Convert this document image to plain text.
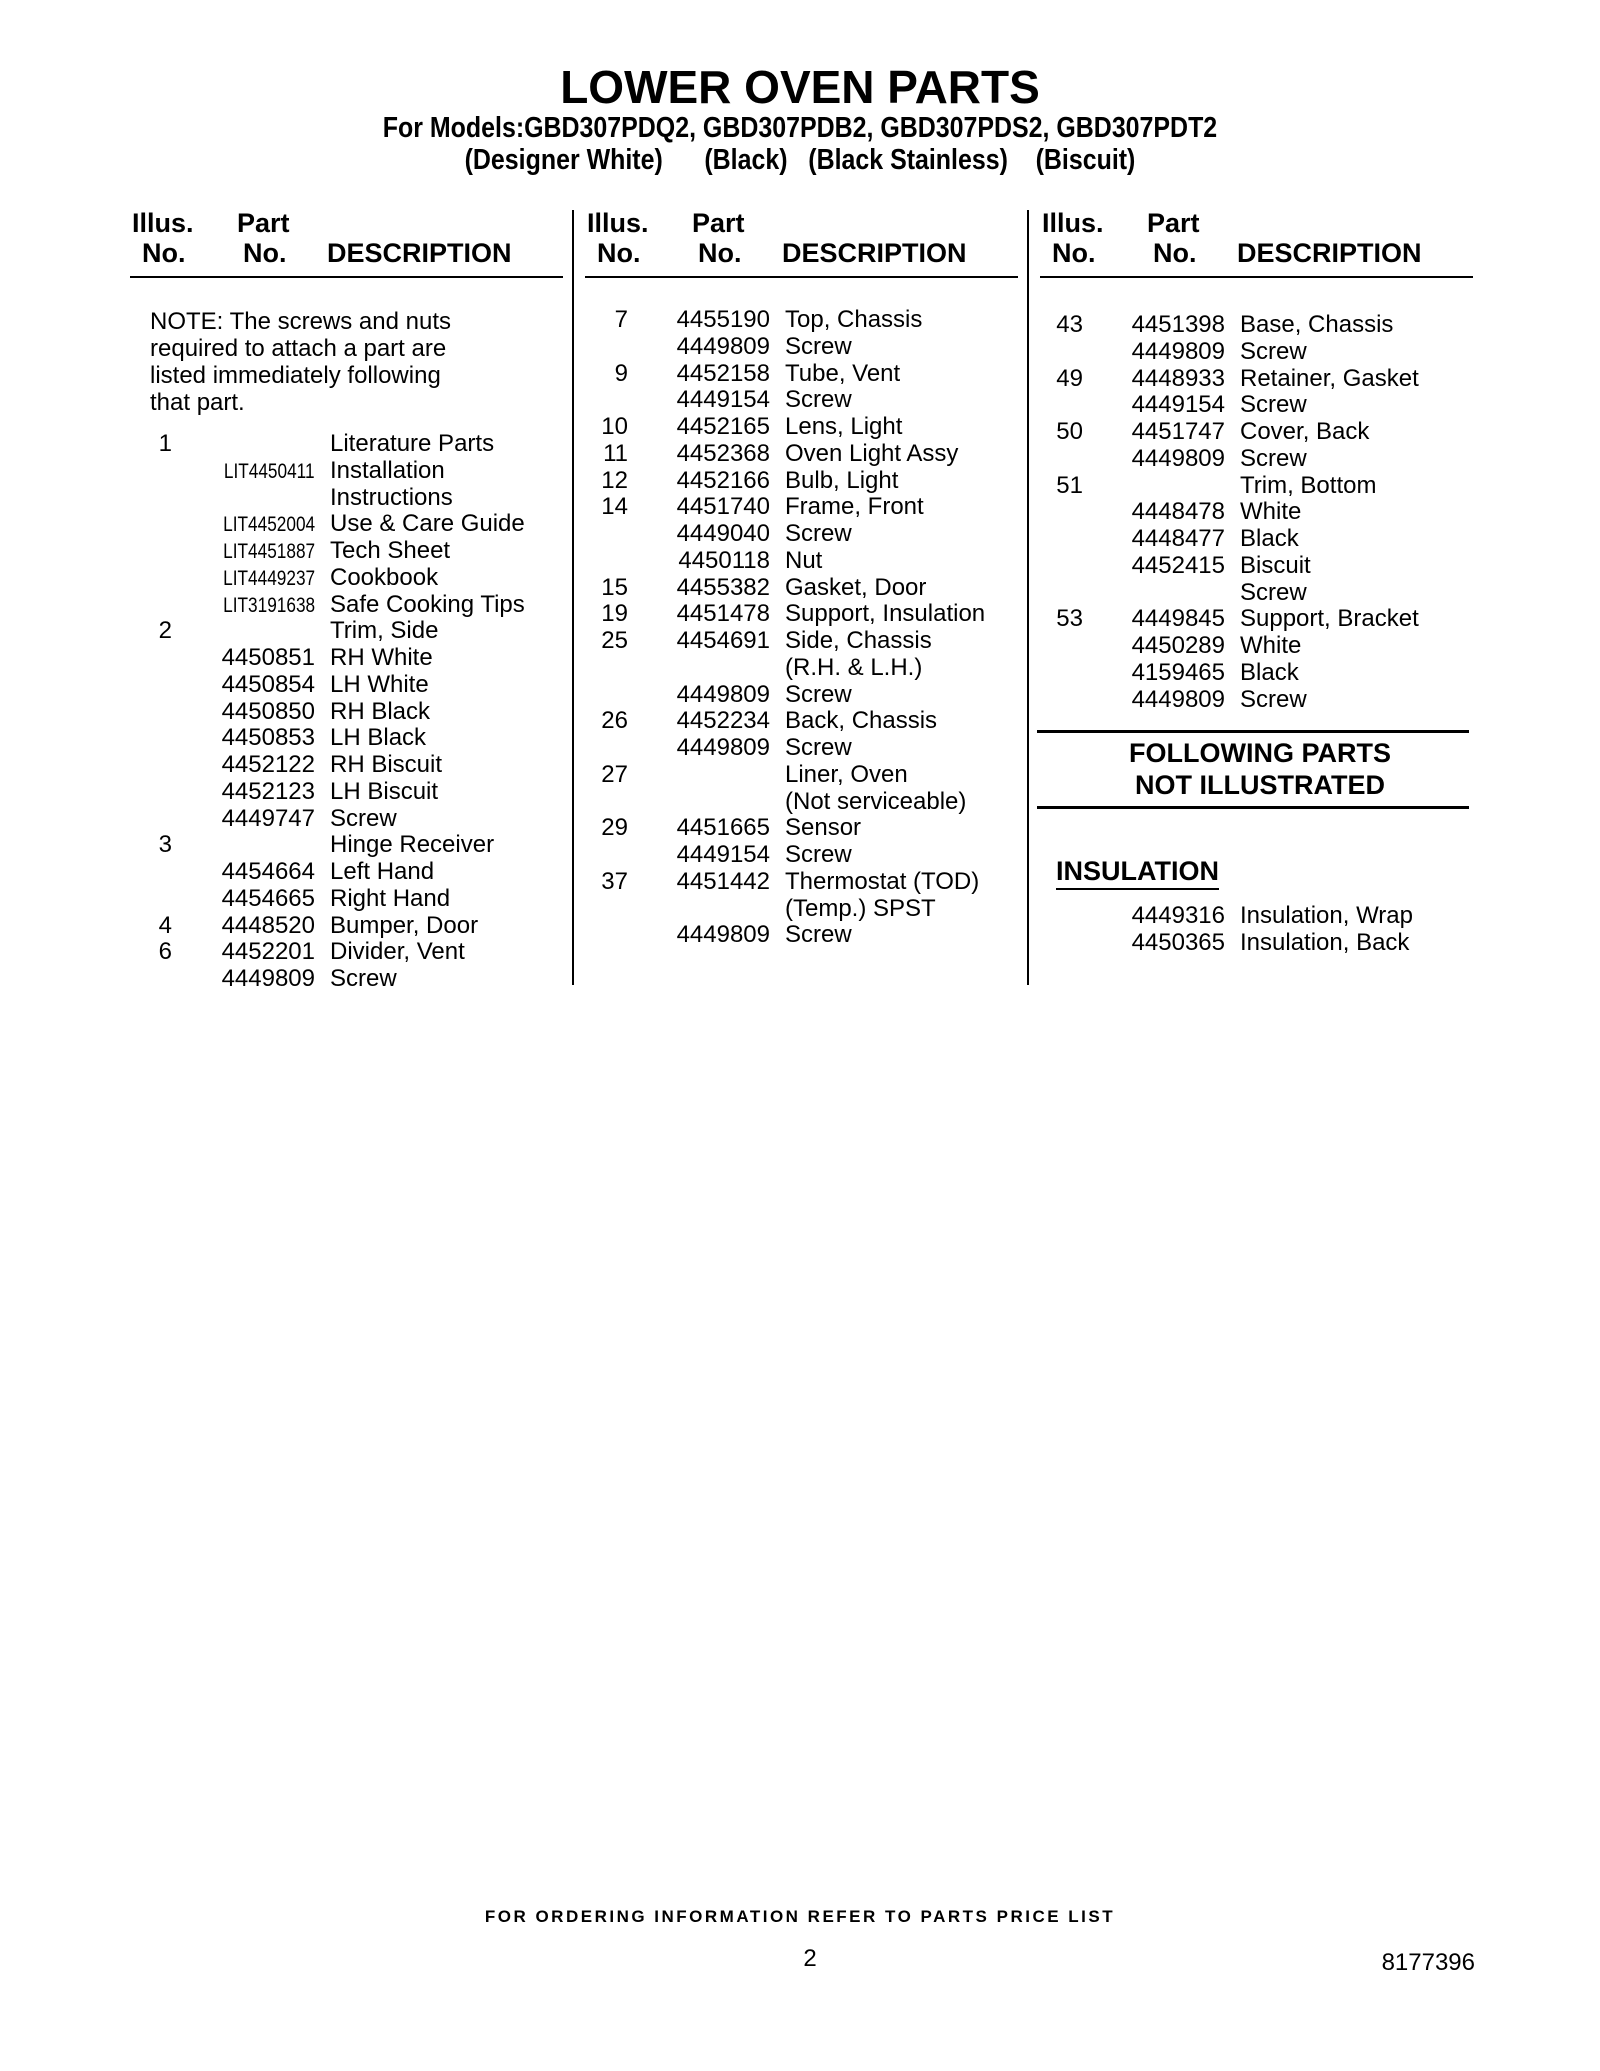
LOWER OVEN PARTS
For Models:GBD307PDQ2, GBD307PDB2, GBD307PDS2, GBD307PDT2
(Designer White)      (Black)   (Black Stainless)    (Biscuit)
Illus.
No.
Part
No. DESCRIPTION
Illus.
No.
Part
No. DESCRIPTION
Illus.
No.
Part
No. DESCRIPTION
NOTE: The screws and nuts
required to attach a part are
listed immediately following
that part.
1	Literature Parts
LIT4450411 Installation
Instructions
LIT4452004 Use & Care Guide
LIT4451887 Tech Sheet
LIT4449237 Cookbook
LIT3191638 Safe Cooking Tips
2	Trim, Side
4450851 RH White
4450854 LH White
4450850 RH Black
4450853 LH Black
4452122 RH Biscuit
4452123 LH Biscuit
4449747 Screw
3	Hinge Receiver
4454664 Left Hand
4454665 Right Hand
4 4448520 Bumper, Door
6 4452201 Divider, Vent
4449809 Screw
7 4455190 Top, Chassis
4449809 Screw
9 4452158 Tube, Vent
4449154 Screw
10 4452165 Lens, Light
11 4452368 Oven Light Assy
12 4452166 Bulb, Light
14 4451740 Frame, Front
4449040 Screw
4450118 Nut
15 4455382 Gasket, Door
19 4451478 Support, Insulation
25 4454691 Side, Chassis
(R.H. & L.H.)
4449809 Screw
26 4452234 Back, Chassis
4449809 Screw
27	Liner, Oven
(Not serviceable)
29 4451665 Sensor
4449154 Screw
37 4451442 Thermostat (TOD)
(Temp.) SPST
4449809 Screw
43 4451398 Base, Chassis
4449809 Screw
49 4448933 Retainer, Gasket
4449154 Screw
50 4451747 Cover, Back
4449809 Screw
51	Trim, Bottom
4448478 White
4448477 Black
4452415 Biscuit
Screw
53 4449845 Support, Bracket
4450289 White
4159465 Black
4449809 Screw
FOLLOWING PARTS
NOT ILLUSTRATED
INSULATION
4449316 Insulation, Wrap
4450365 Insulation, Back
FOR ORDERING INFORMATION REFER TO PARTS PRICE LIST
2	8177396
